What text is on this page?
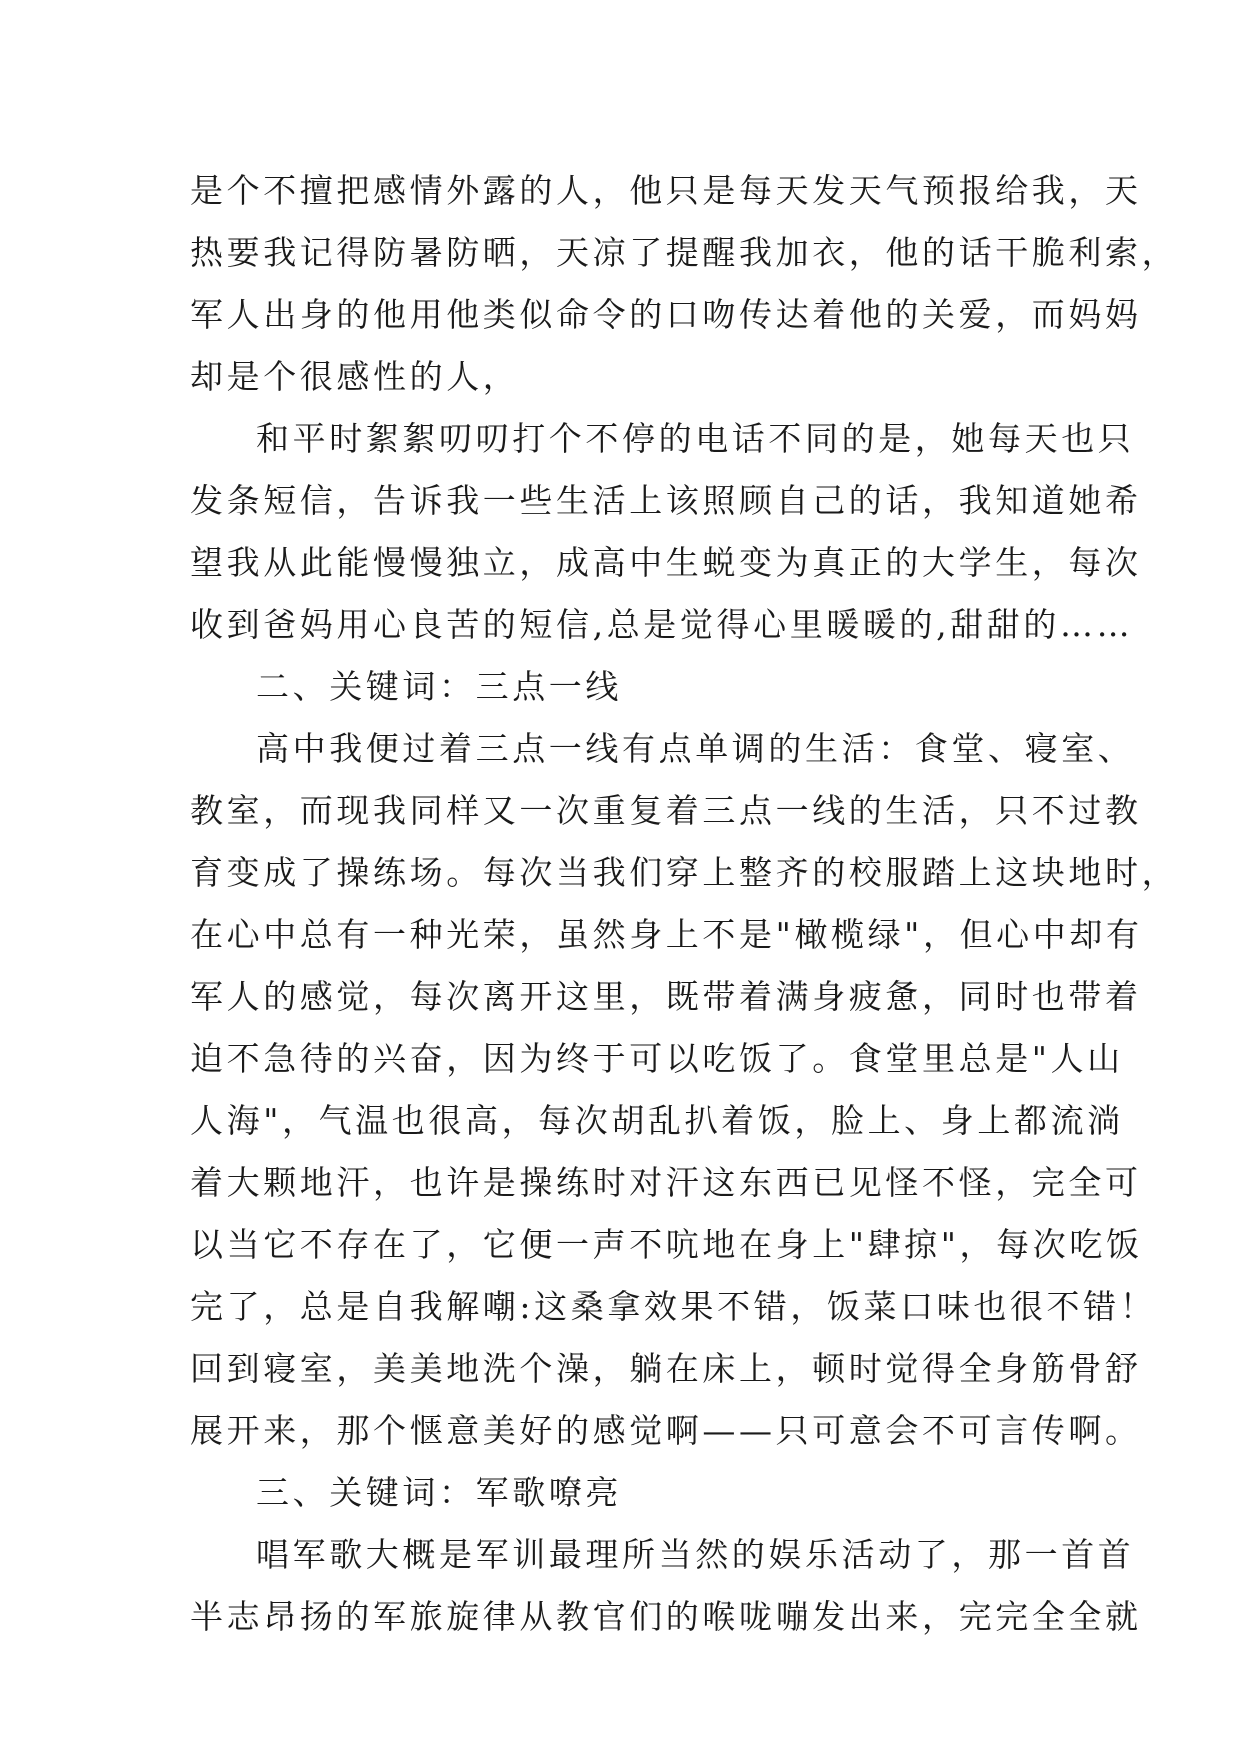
是个不擅把感情外露的人，他只是每天发天气预报给我，天
热要我记得防暑防晒，天凉了提醒我加衣，他的话干脆利索，
军人出身的他用他类似命令的口吻传达着他的关爱，而妈妈
却是个很感性的人，
和平时絮絮叨叨打个不停的电话不同的是，她每天也只
发条短信，告诉我一些生活上该照顾自己的话，我知道她希
望我从此能慢慢独立，成高中生蜕变为真正的大学生，每次
收到爸妈用心良苦的短信,总是觉得心里暖暖的,甜甜的……
二、关键词：三点一线
高中我便过着三点一线有点单调的生活：食堂、寝室、
教室，而现我同样又一次重复着三点一线的生活，只不过教
育变成了操练场。每次当我们穿上整齐的校服踏上这块地时，
在心中总有一种光荣，虽然身上不是"橄榄绿"，但心中却有
军人的感觉，每次离开这里，既带着满身疲惫，同时也带着
迫不急待的兴奋，因为终于可以吃饭了。食堂里总是"人山
人海"，气温也很高，每次胡乱扒着饭，脸上、身上都流淌
着大颗地汗，也许是操练时对汗这东西已见怪不怪，完全可
以当它不存在了，它便一声不吭地在身上"肆掠"，每次吃饭
完了，总是自我解嘲:这桑拿效果不错，饭菜口味也很不错！
回到寝室，美美地洗个澡，躺在床上，顿时觉得全身筋骨舒
展开来，那个惬意美好的感觉啊——只可意会不可言传啊。
三、关键词：军歌嘹亮
唱军歌大概是军训最理所当然的娱乐活动了，那一首首
半志昂扬的军旅旋律从教官们的喉咙嘣发出来，完完全全就
